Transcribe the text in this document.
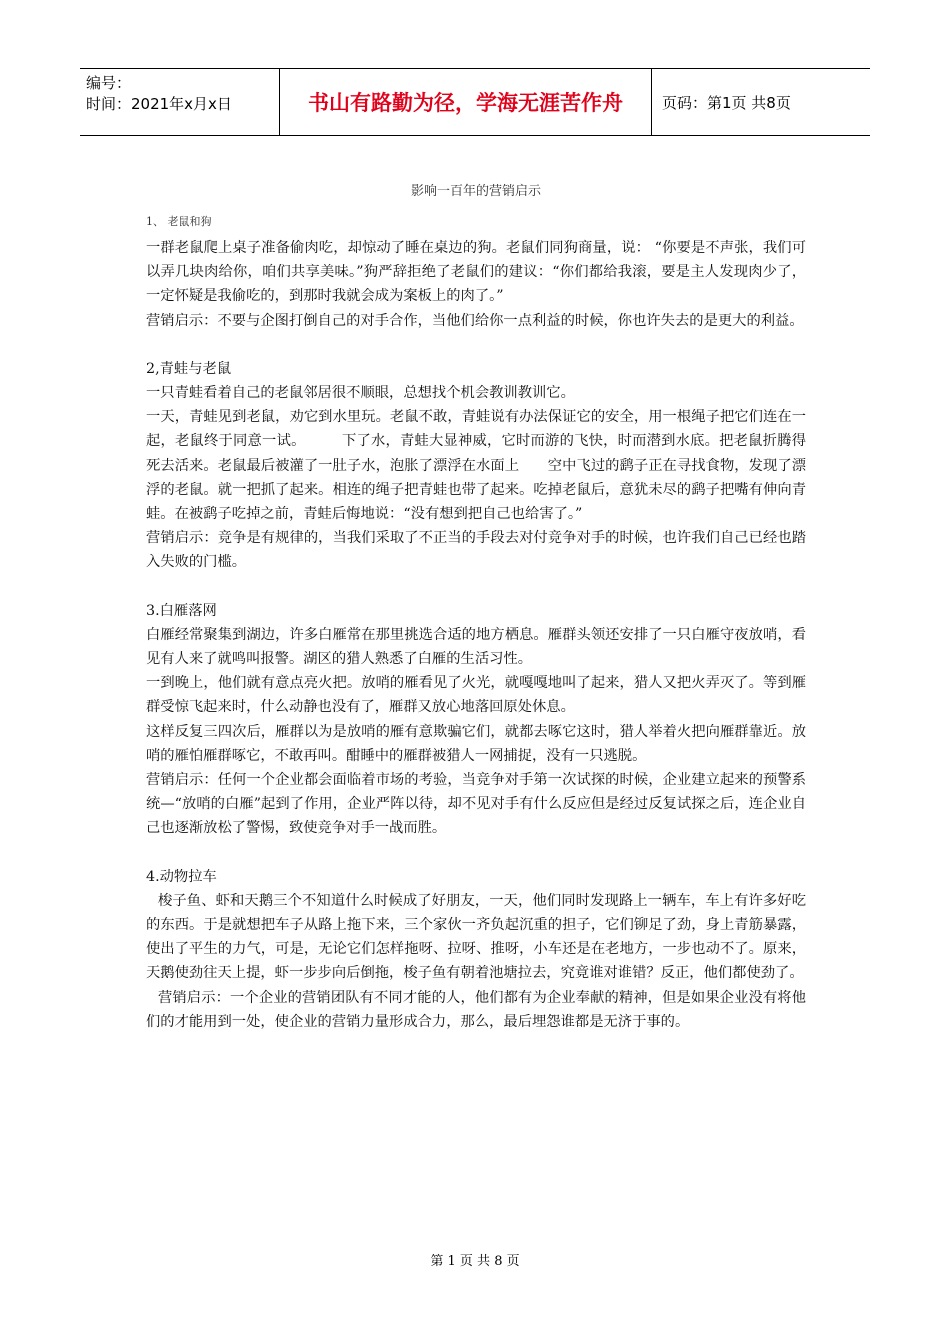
编号：
时间：2021年x月x日	书山有路勤为径，学海无涯苦作舟	页码：第1页 共8页
影响一百年的营销启示
1、 老鼠和狗
一群老鼠爬上桌子准备偷肉吃，却惊动了睡在桌边的狗。老鼠们同狗商量，说： “你要是不声张，我们可以弄几块肉给你，咱们共享美味。”狗严辞拒绝了老鼠们的建议：“你们都给我滚，要是主人发现肉少了，一定怀疑是我偷吃的，到那时我就会成为案板上的肉了。”
营销启示：不要与企图打倒自己的对手合作，当他们给你一点利益的时候，你也许失去的是更大的利益。
2,青蛙与老鼠
一只青蛙看着自己的老鼠邻居很不顺眼，总想找个机会教训教训它。
一天，青蛙见到老鼠，劝它到水里玩。老鼠不敢，青蛙说有办法保证它的安全，用一根绳子把它们连在一起，老鼠终于同意一试。　　　下了水，青蛙大显神威，它时而游的飞快，时而潜到水底。把老鼠折腾得死去活来。老鼠最后被灌了一肚子水，泡胀了漂浮在水面上　　空中飞过的鹞子正在寻找食物，发现了漂浮的老鼠。就一把抓了起来。相连的绳子把青蛙也带了起来。吃掉老鼠后，意犹未尽的鹞子把嘴有伸向青蛙。在被鹞子吃掉之前，青蛙后悔地说：“没有想到把自己也给害了。”
营销启示：竞争是有规律的，当我们采取了不正当的手段去对付竞争对手的时候，也许我们自己已经也踏入失败的门槛。
3.白雁落网
白雁经常聚集到湖边，许多白雁常在那里挑选合适的地方栖息。雁群头领还安排了一只白雁守夜放哨，看见有人来了就鸣叫报警。湖区的猎人熟悉了白雁的生活习性。
一到晚上，他们就有意点亮火把。放哨的雁看见了火光，就嘎嘎地叫了起来，猎人又把火弄灭了。等到雁群受惊飞起来时，什么动静也没有了，雁群又放心地落回原处休息。
这样反复三四次后，雁群以为是放哨的雁有意欺骗它们，就都去啄它这时，猎人举着火把向雁群靠近。放哨的雁怕雁群啄它，不敢再叫。酣睡中的雁群被猎人一网捕捉，没有一只逃脱。
营销启示：任何一个企业都会面临着市场的考验，当竞争对手第一次试探的时候，企业建立起来的预警系统—“放哨的白雁”起到了作用，企业严阵以待，却不见对手有什么反应但是经过反复试探之后，连企业自己也逐渐放松了警惕，致使竞争对手一战而胜。
4.动物拉车
梭子鱼、虾和天鹅三个不知道什么时候成了好朋友，一天，他们同时发现路上一辆车，车上有许多好吃的东西。于是就想把车子从路上拖下来，三个家伙一齐负起沉重的担子，它们铆足了劲，身上青筋暴露，使出了平生的力气，可是，无论它们怎样拖呀、拉呀、推呀，小车还是在老地方，一步也动不了。原来，天鹅使劲往天上提，虾一步步向后倒拖，梭子鱼有朝着池塘拉去，究竟谁对谁错？反正，他们都使劲了。
营销启示：一个企业的营销团队有不同才能的人，他们都有为企业奉献的精神，但是如果企业没有将他们的才能用到一处，使企业的营销力量形成合力，那么，最后埋怨谁都是无济于事的。
第 1 页 共 8 页
